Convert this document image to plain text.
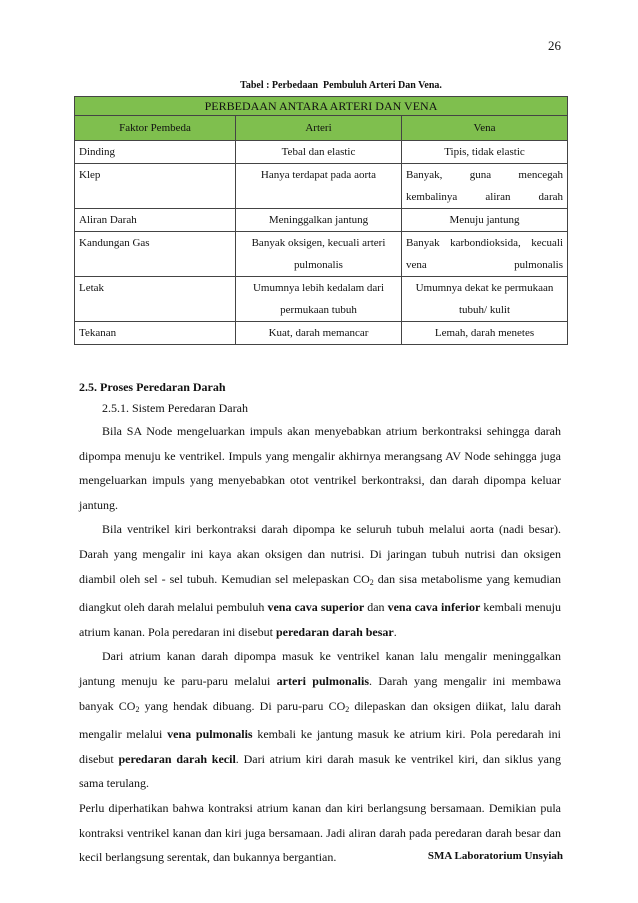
26
Tabel : Perbedaan Pembuluh Arteri Dan Vena.
PERBEDAAN ANTARA ARTERI DAN VENA		
Faktor Pembeda	Arteri	Vena
Dinding	Tebal dan elastic	Tipis, tidak elastic
Klep	Hanya terdapat pada aorta	Banyak, guna mencegah kembalinya aliran darah
Aliran Darah	Meninggalkan jantung	Menuju jantung
Kandungan Gas	Banyak oksigen, kecuali arteri pulmonalis	Banyak karbondioksida, kecuali vena pulmonalis
Letak	Umumnya lebih kedalam dari permukaan tubuh	Umumnya dekat ke permukaan tubuh/ kulit
Tekanan	Kuat, darah memancar	Lemah, darah menetes
2.5. Proses Peredaran Darah
2.5.1. Sistem Peredaran Darah

Bila SA Node mengeluarkan impuls akan menyebabkan atrium berkontraksi sehingga darah dipompa menuju ke ventrikel. Impuls yang mengalir akhirnya merangsang AV Node sehingga juga mengeluarkan impuls yang menyebabkan otot ventrikel berkontraksi, dan darah dipompa keluar jantung.

Bila ventrikel kiri berkontraksi darah dipompa ke seluruh tubuh melalui aorta (nadi besar). Darah yang mengalir ini kaya akan oksigen dan nutrisi. Di jaringan tubuh nutrisi dan oksigen diambil oleh sel - sel tubuh. Kemudian sel melepaskan $CO_2$ dan sisa metabolisme yang kemudian diangkut oleh darah melalui pembuluh vena cava superior dan vena cava inferior kembali menuju atrium kanan. Pola peredaran ini disebut peredaran darah besar.

Dari atrium kanan darah dipompa masuk ke ventrikel kanan lalu mengalir meninggalkan jantung menuju ke paru-paru melalui arteri pulmonalis. Darah yang mengalir ini membawa banyak $CO_2$ yang hendak dibuang. Di paru-paru $CO_2$ dilepaskan dan oksigen diikat, lalu darah mengalir melalui vena pulmonalis kembali ke jantung masuk ke atrium kiri. Pola peredarah ini disebut peredaran darah kecil. Dari atrium kiri darah masuk ke ventrikel kiri, dan siklus yang sama terulang.

Perlu diperhatikan bahwa kontraksi atrium kanan dan kiri berlangsung bersamaan. Demikian pula kontraksi ventrikel kanan dan kiri juga bersamaan. Jadi aliran darah pada peredaran darah besar dan kecil berlangsung serentak, dan bukannya bergantian.	SMA Laboratorium Unsyiah
